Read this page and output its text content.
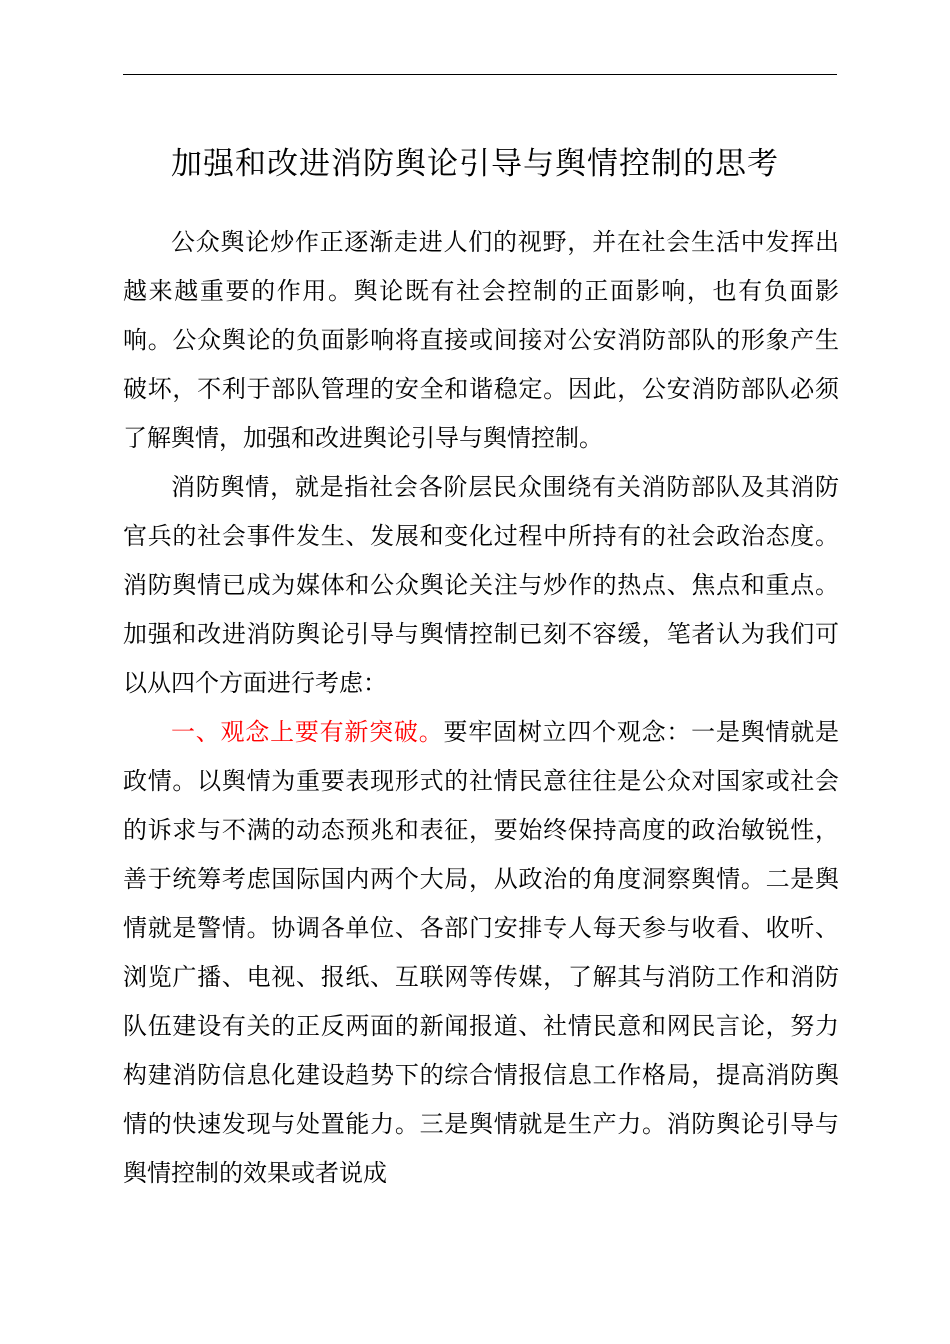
加强和改进消防舆论引导与舆情控制的思考

公众舆论炒作正逐渐走进人们的视野，并在社会生活中发挥出越来越重要的作用。舆论既有社会控制的正面影响，也有负面影响。公众舆论的负面影响将直接或间接对公安消防部队的形象产生破坏，不利于部队管理的安全和谐稳定。因此，公安消防部队必须了解舆情，加强和改进舆论引导与舆情控制。

消防舆情，就是指社会各阶层民众围绕有关消防部队及其消防官兵的社会事件发生、发展和变化过程中所持有的社会政治态度。消防舆情已成为媒体和公众舆论关注与炒作的热点、焦点和重点。加强和改进消防舆论引导与舆情控制已刻不容缓，笔者认为我们可以从四个方面进行考虑：

一、观念上要有新突破。要牢固树立四个观念：一是舆情就是政情。以舆情为重要表现形式的社情民意往往是公众对国家或社会的诉求与不满的动态预兆和表征，要始终保持高度的政治敏锐性，善于统筹考虑国际国内两个大局，从政治的角度洞察舆情。二是舆情就是警情。协调各单位、各部门安排专人每天参与收看、收听、浏览广播、电视、报纸、互联网等传媒，了解其与消防工作和消防队伍建设有关的正反两面的新闻报道、社情民意和网民言论，努力构建消防信息化建设趋势下的综合情报信息工作格局，提高消防舆情的快速发现与处置能力。三是舆情就是生产力。消防舆论引导与舆情控制的效果或者说成
